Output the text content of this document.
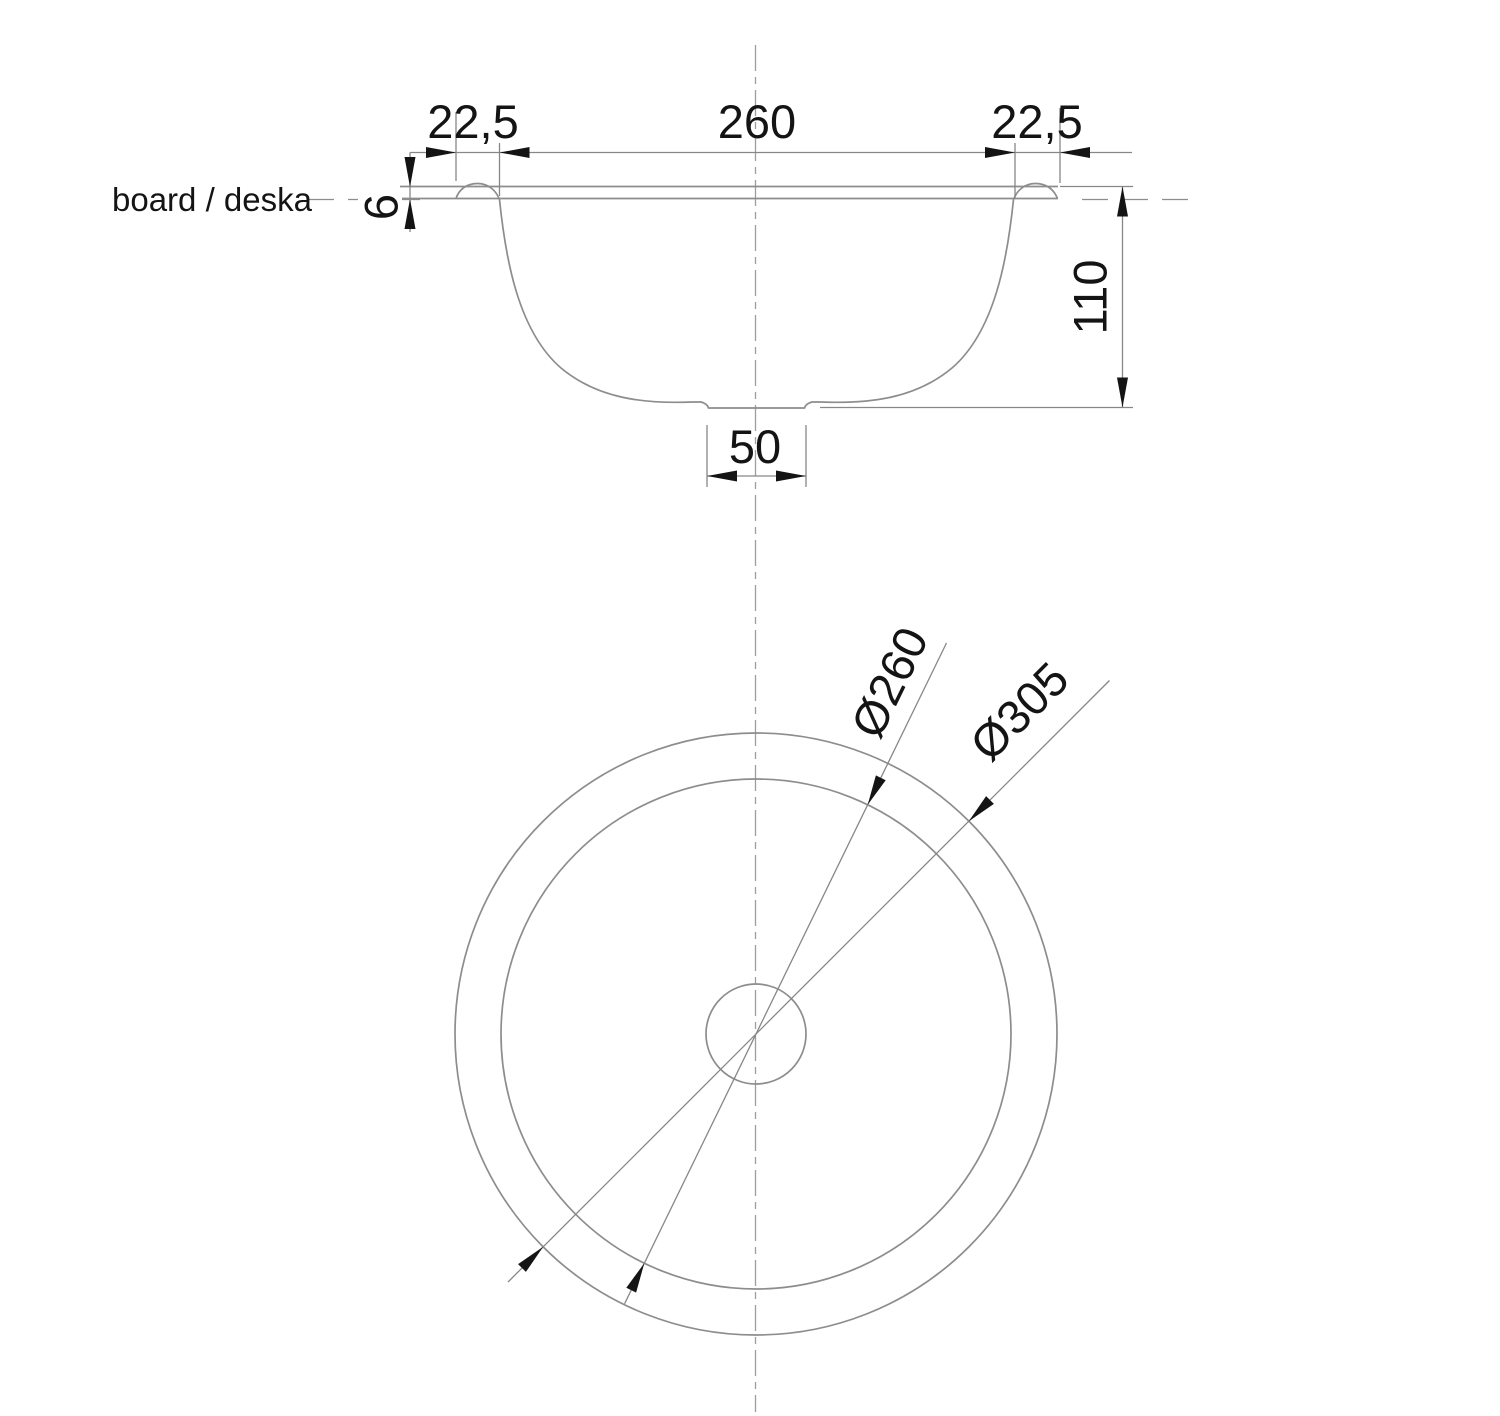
22,5	260	22,5
6
board / deska
110
50
Ø260 Ø305
